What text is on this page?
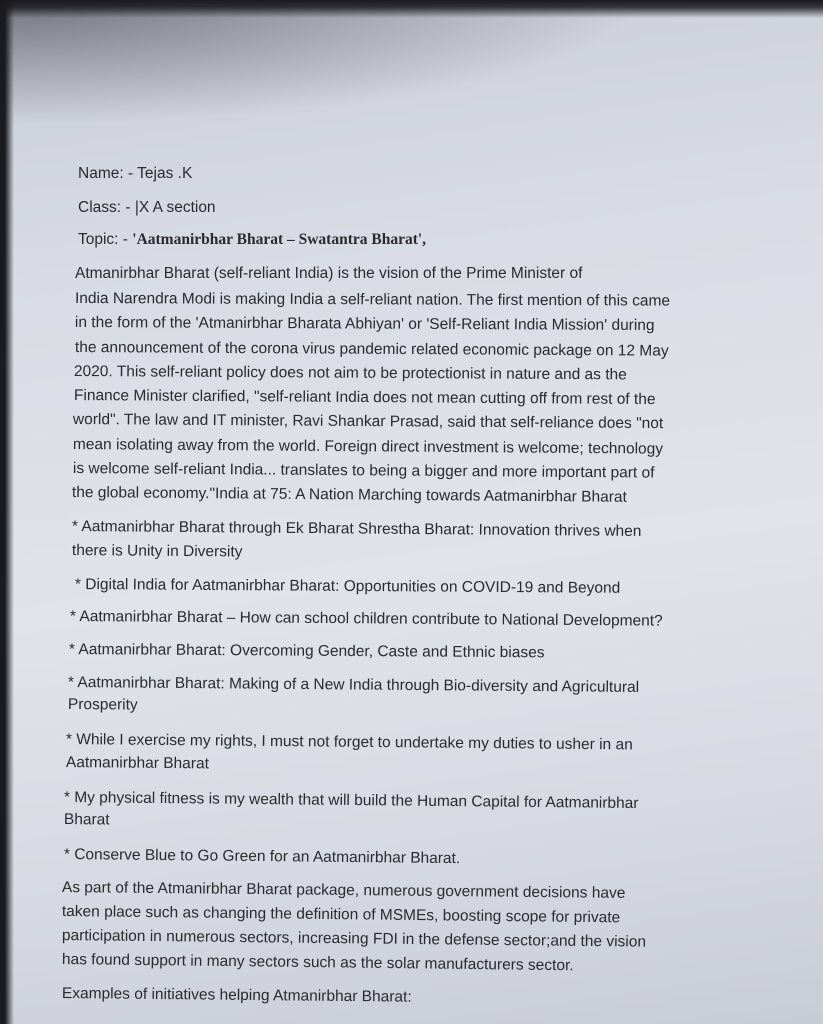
Name: - Tejas .K
Class: - |X A section
Topic: - 'Aatmanirbhar Bharat – Swatantra Bharat',
Atmanirbhar Bharat (self-reliant India) is the vision of the Prime Minister of
India Narendra Modi is making India a self-reliant nation. The first mention of this came
in the form of the 'Atmanirbhar Bharata Abhiyan' or 'Self-Reliant India Mission' during
the announcement of the corona virus pandemic related economic package on 12 May
2020. This self-reliant policy does not aim to be protectionist in nature and as the
Finance Minister clarified, "self-reliant India does not mean cutting off from rest of the
world". The law and IT minister, Ravi Shankar Prasad, said that self-reliance does "not
mean isolating away from the world. Foreign direct investment is welcome; technology
is welcome self-reliant India... translates to being a bigger and more important part of
the global economy."India at 75: A Nation Marching towards Aatmanirbhar Bharat
* Aatmanirbhar Bharat through Ek Bharat Shrestha Bharat: Innovation thrives when
there is Unity in Diversity
* Digital India for Aatmanirbhar Bharat: Opportunities on COVID-19 and Beyond
* Aatmanirbhar Bharat – How can school children contribute to National Development?
* Aatmanirbhar Bharat: Overcoming Gender, Caste and Ethnic biases
* Aatmanirbhar Bharat: Making of a New India through Bio-diversity and Agricultural
Prosperity
* While I exercise my rights, I must not forget to undertake my duties to usher in an
Aatmanirbhar Bharat
* My physical fitness is my wealth that will build the Human Capital for Aatmanirbhar
Bharat
* Conserve Blue to Go Green for an Aatmanirbhar Bharat.
As part of the Atmanirbhar Bharat package, numerous government decisions have
taken place such as changing the definition of MSMEs, boosting scope for private
participation in numerous sectors, increasing FDI in the defense sector;and the vision
has found support in many sectors such as the solar manufacturers sector.
Examples of initiatives helping Atmanirbhar Bharat:
